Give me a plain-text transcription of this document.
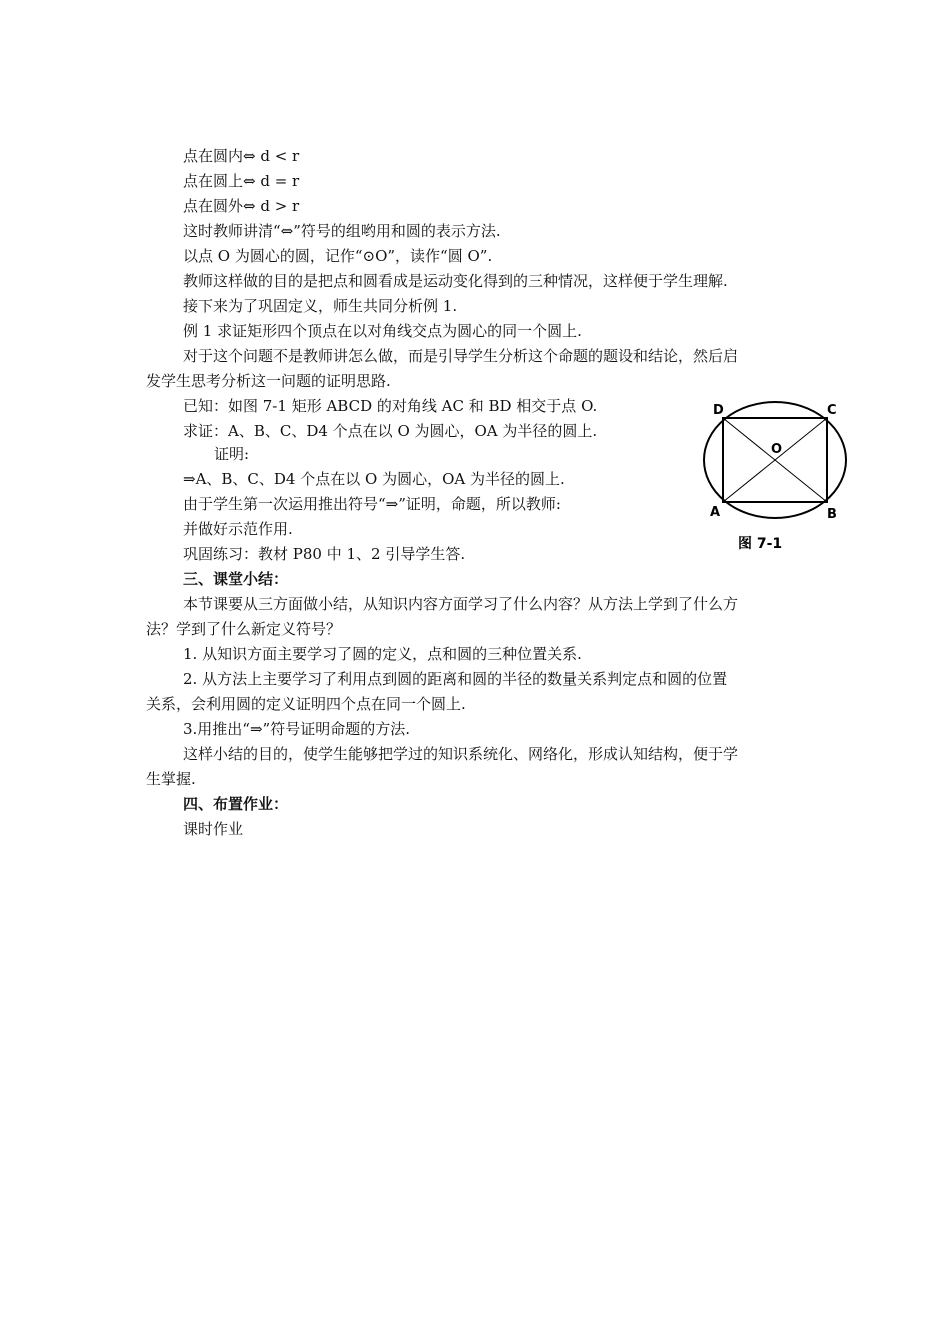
点在圆内⇔ d < r
点在圆上⇔ d = r
点在圆外⇔ d > r
这时教师讲清“⇔”符号的组哟用和圆的表示方法.
以点 O 为圆心的圆，记作“⊙O”，读作“圆 O”.
教师这样做的目的是把点和圆看成是运动变化得到的三种情况，这样便于学生理解.
接下来为了巩固定义，师生共同分析例 1.
例 1 求证矩形四个顶点在以对角线交点为圆心的同一个圆上.
对于这个问题不是教师讲怎么做，而是引导学生分析这个命题的题设和结论，然后启
发学生思考分析这一问题的证明思路.
已知：如图 7-1 矩形 ABCD 的对角线 AC 和 BD 相交于点 O.
求证：A、B、C、D4 个点在以 O 为圆心，OA 为半径的圆上.
证明:
⇒A、B、C、D4 个点在以 O 为圆心，OA 为半径的圆上.
由于学生第一次运用推出符号“⇒”证明，命题，所以教师:
并做好示范作用.
巩固练习：教材 P80 中 1、2 引导学生答.
三、课堂小结：
本节课要从三方面做小结，从知识内容方面学习了什么内容？从方法上学到了什么方
法？学到了什么新定义符号？
1. 从知识方面主要学习了圆的定义，点和圆的三种位置关系.
2. 从方法上主要学习了利用点到圆的距离和圆的半径的数量关系判定点和圆的位置
关系，会利用圆的定义证明四个点在同一个圆上.
3.用推出“⇒”符号证明命题的方法.
这样小结的目的，使学生能够把学过的知识系统化、网络化，形成认知结构，便于学
生掌握.
四、布置作业：
课时作业
D	C
O
A	B
图 7-1
